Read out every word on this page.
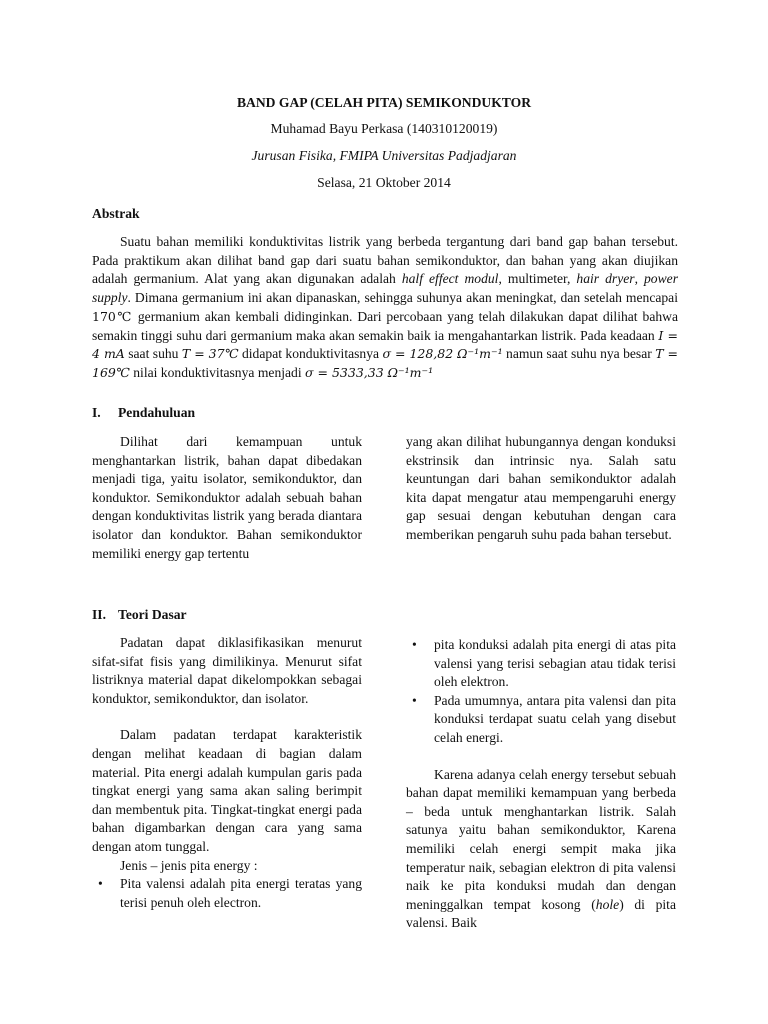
BAND GAP (CELAH PITA) SEMIKONDUKTOR
Muhamad Bayu Perkasa (140310120019)
Jurusan Fisika, FMIPA Universitas Padjadjaran
Selasa, 21 Oktober 2014
Abstrak

Suatu bahan memiliki konduktivitas listrik yang berbeda tergantung dari band gap bahan tersebut. Pada praktikum akan dilihat band gap dari suatu bahan semikonduktor, dan bahan yang akan diujikan adalah germanium. Alat yang akan digunakan adalah half effect modul, multimeter, hair dryer, power supply. Dimana germanium ini akan dipanaskan, sehingga suhunya akan meningkat, dan setelah mencapai 170℃ germanium akan kembali didinginkan. Dari percobaan yang telah dilakukan dapat dilihat bahwa semakin tinggi suhu dari germanium maka akan semakin baik ia mengahantarkan listrik. Pada keadaan I = 4 mA saat suhu T = 37℃ didapat konduktivitasnya σ = 128,82 Ω⁻¹m⁻¹ namun saat suhu nya besar T = 169℃ nilai konduktivitasnya menjadi σ = 5333,33 Ω⁻¹m⁻¹

I. Pendahuluan

Dilihat dari kemampuan untuk menghantarkan listrik, bahan dapat dibedakan menjadi tiga, yaitu isolator, semikonduktor, dan konduktor. Semikonduktor adalah sebuah bahan dengan konduktivitas listrik yang berada diantara isolator dan konduktor. Bahan semikonduktor memiliki energy gap tertentu

yang akan dilihat hubungannya dengan konduksi ekstrinsik dan intrinsic nya. Salah satu keuntungan dari bahan semikonduktor adalah kita dapat mengatur atau mempengaruhi energy gap sesuai dengan kebutuhan dengan cara memberikan pengaruh suhu pada bahan tersebut.

II. Teori Dasar

Padatan dapat diklasifikasikan menurut sifat-sifat fisis yang dimilikinya. Menurut sifat listriknya material dapat dikelompokkan sebagai konduktor, semikonduktor, dan isolator.

Dalam padatan terdapat karakteristik dengan melihat keadaan di bagian dalam material. Pita energi adalah kumpulan garis pada tingkat energi yang sama akan saling berimpit dan membentuk pita. Tingkat-tingkat energi pada bahan digambarkan dengan cara yang sama dengan atom tunggal.

Jenis – jenis pita energy :

• Pita valensi adalah pita energi teratas yang terisi penuh oleh electron.
• pita konduksi adalah pita energi di atas pita valensi yang terisi sebagian atau tidak terisi oleh elektron.
• Pada umumnya, antara pita valensi dan pita konduksi terdapat suatu celah yang disebut celah energi.

Karena adanya celah energy tersebut sebuah bahan dapat memiliki kemampuan yang berbeda – beda untuk menghantarkan listrik. Salah satunya yaitu bahan semikonduktor, Karena memiliki celah energi sempit maka jika temperatur naik, sebagian elektron di pita valensi naik ke pita konduksi mudah dan dengan meninggalkan tempat kosong (hole) di pita valensi. Baik
